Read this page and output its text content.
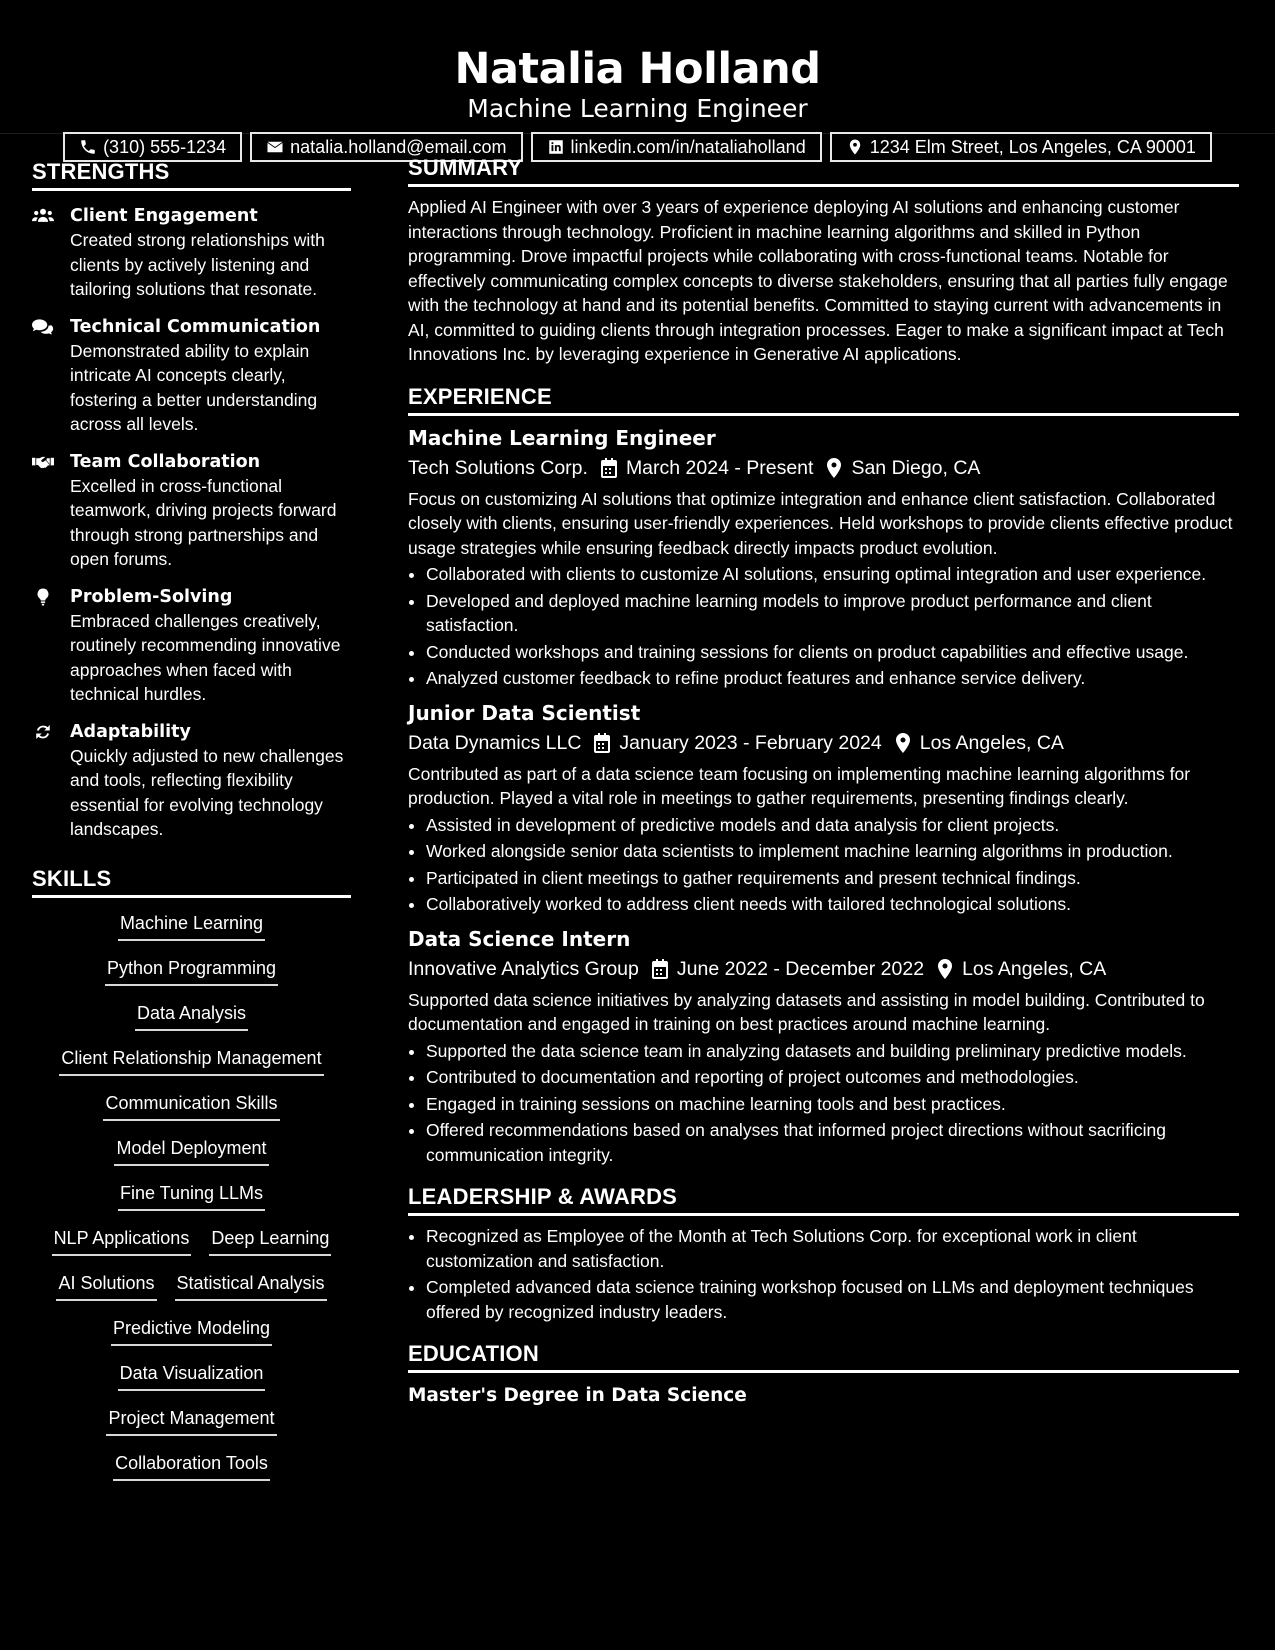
Natalia Holland
Machine Learning Engineer
(310) 555-1234	natalia.holland@email.com	linkedin.com/in/nataliaholland	1234 Elm Street, Los Angeles, CA 90001
STRENGTHS
Client Engagement
Created strong relationships with clients by actively listening and tailoring solutions that resonate.
Technical Communication
Demonstrated ability to explain intricate AI concepts clearly, fostering a better understanding across all levels.
Team Collaboration
Excelled in cross-functional teamwork, driving projects forward through strong partnerships and open forums.
Problem-Solving
Embraced challenges creatively, routinely recommending innovative approaches when faced with technical hurdles.
Adaptability
Quickly adjusted to new challenges and tools, reflecting flexibility essential for evolving technology landscapes.
SKILLS
Machine Learning
Python Programming
Data Analysis
Client Relationship Management
Communication Skills
Model Deployment
Fine Tuning LLMs
NLP Applications Deep Learning
AI Solutions Statistical Analysis
Predictive Modeling
Data Visualization
Project Management
Collaboration Tools
SUMMARY
Applied AI Engineer with over 3 years of experience deploying AI solutions and enhancing customer interactions through technology. Proficient in machine learning algorithms and skilled in Python programming. Drove impactful projects while collaborating with cross-functional teams. Notable for effectively communicating complex concepts to diverse stakeholders, ensuring that all parties fully engage with the technology at hand and its potential benefits. Committed to staying current with advancements in AI, committed to guiding clients through integration processes. Eager to make a significant impact at Tech Innovations Inc. by leveraging experience in Generative AI applications.
EXPERIENCE
Machine Learning Engineer
Tech Solutions Corp. March 2024 - Present San Diego, CA
Focus on customizing AI solutions that optimize integration and enhance client satisfaction. Collaborated closely with clients, ensuring user-friendly experiences. Held workshops to provide clients effective product usage strategies while ensuring feedback directly impacts product evolution.
• Collaborated with clients to customize AI solutions, ensuring optimal integration and user experience.
• Developed and deployed machine learning models to improve product performance and client satisfaction.
• Conducted workshops and training sessions for clients on product capabilities and effective usage.
• Analyzed customer feedback to refine product features and enhance service delivery.
Junior Data Scientist
Data Dynamics LLC January 2023 - February 2024 Los Angeles, CA
Contributed as part of a data science team focusing on implementing machine learning algorithms for production. Played a vital role in meetings to gather requirements, presenting findings clearly.
• Assisted in development of predictive models and data analysis for client projects.
• Worked alongside senior data scientists to implement machine learning algorithms in production.
• Participated in client meetings to gather requirements and present technical findings.
• Collaboratively worked to address client needs with tailored technological solutions.
Data Science Intern
Innovative Analytics Group June 2022 - December 2022 Los Angeles, CA
Supported data science initiatives by analyzing datasets and assisting in model building. Contributed to documentation and engaged in training on best practices around machine learning.
• Supported the data science team in analyzing datasets and building preliminary predictive models.
• Contributed to documentation and reporting of project outcomes and methodologies.
• Engaged in training sessions on machine learning tools and best practices.
• Offered recommendations based on analyses that informed project directions without sacrificing communication integrity.
LEADERSHIP & AWARDS
• Recognized as Employee of the Month at Tech Solutions Corp. for exceptional work in client customization and satisfaction.
• Completed advanced data science training workshop focused on LLMs and deployment techniques offered by recognized industry leaders.
EDUCATION
Master's Degree in Data Science
